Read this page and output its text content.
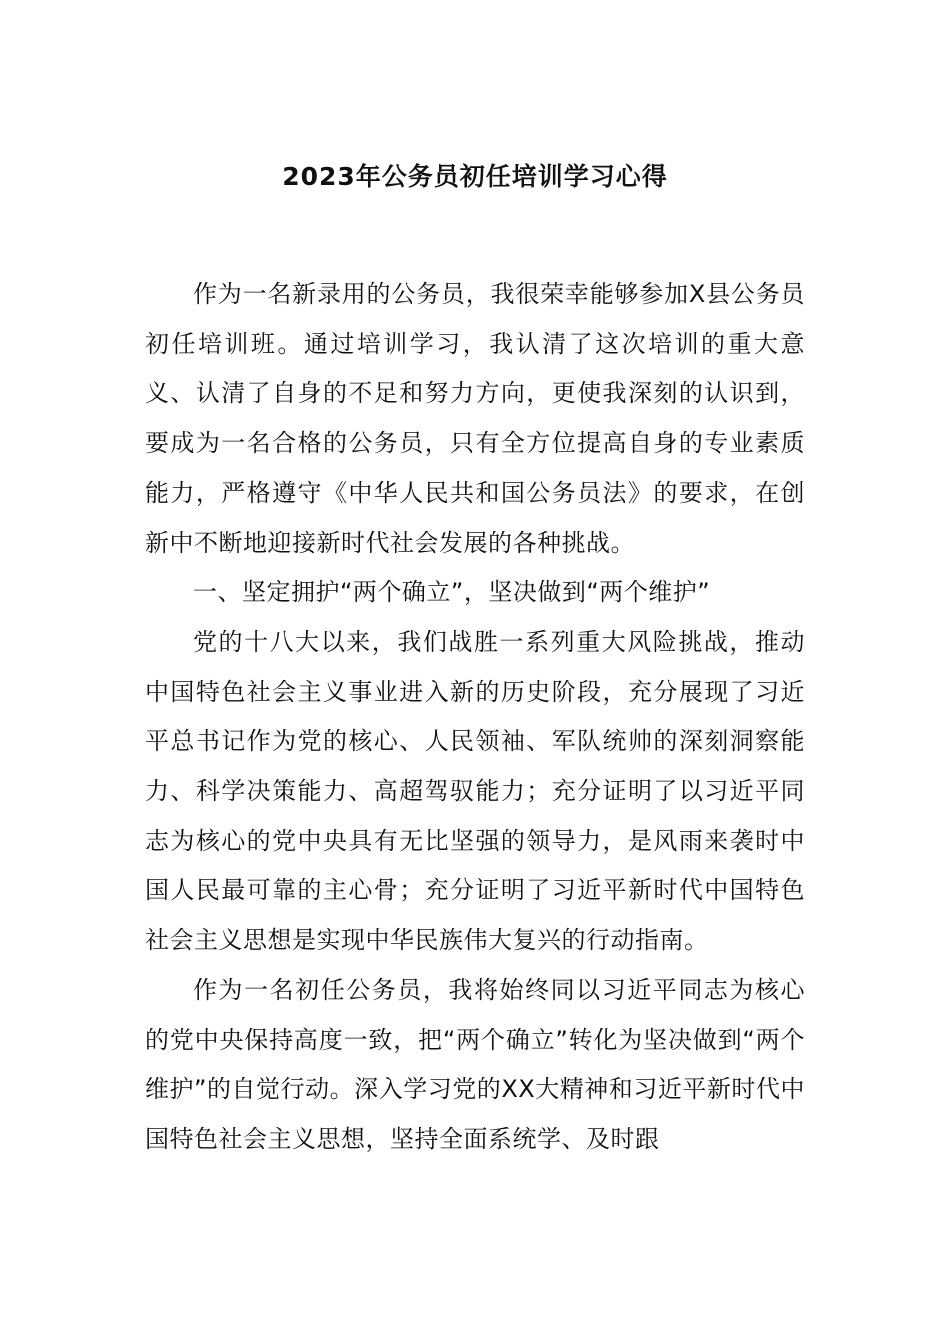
2023年公务员初任培训学习心得

作为一名新录用的公务员，我很荣幸能够参加X县公务员初任培训班。通过培训学习，我认清了这次培训的重大意义、认清了自身的不足和努力方向，更使我深刻的认识到，要成为一名合格的公务员，只有全方位提高自身的专业素质能力，严格遵守《中华人民共和国公务员法》的要求，在创新中不断地迎接新时代社会发展的各种挑战。

一、坚定拥护“两个确立”，坚决做到“两个维护”

党的十八大以来，我们战胜一系列重大风险挑战，推动中国特色社会主义事业进入新的历史阶段，充分展现了习近平总书记作为党的核心、人民领袖、军队统帅的深刻洞察能力、科学决策能力、高超驾驭能力；充分证明了以习近平同志为核心的党中央具有无比坚强的领导力，是风雨来袭时中国人民最可靠的主心骨；充分证明了习近平新时代中国特色社会主义思想是实现中华民族伟大复兴的行动指南。

作为一名初任公务员，我将始终同以习近平同志为核心的党中央保持高度一致，把“两个确立”转化为坚决做到“两个维护”的自觉行动。深入学习党的XX大精神和习近平新时代中国特色社会主义思想，坚持全面系统学、及时跟
